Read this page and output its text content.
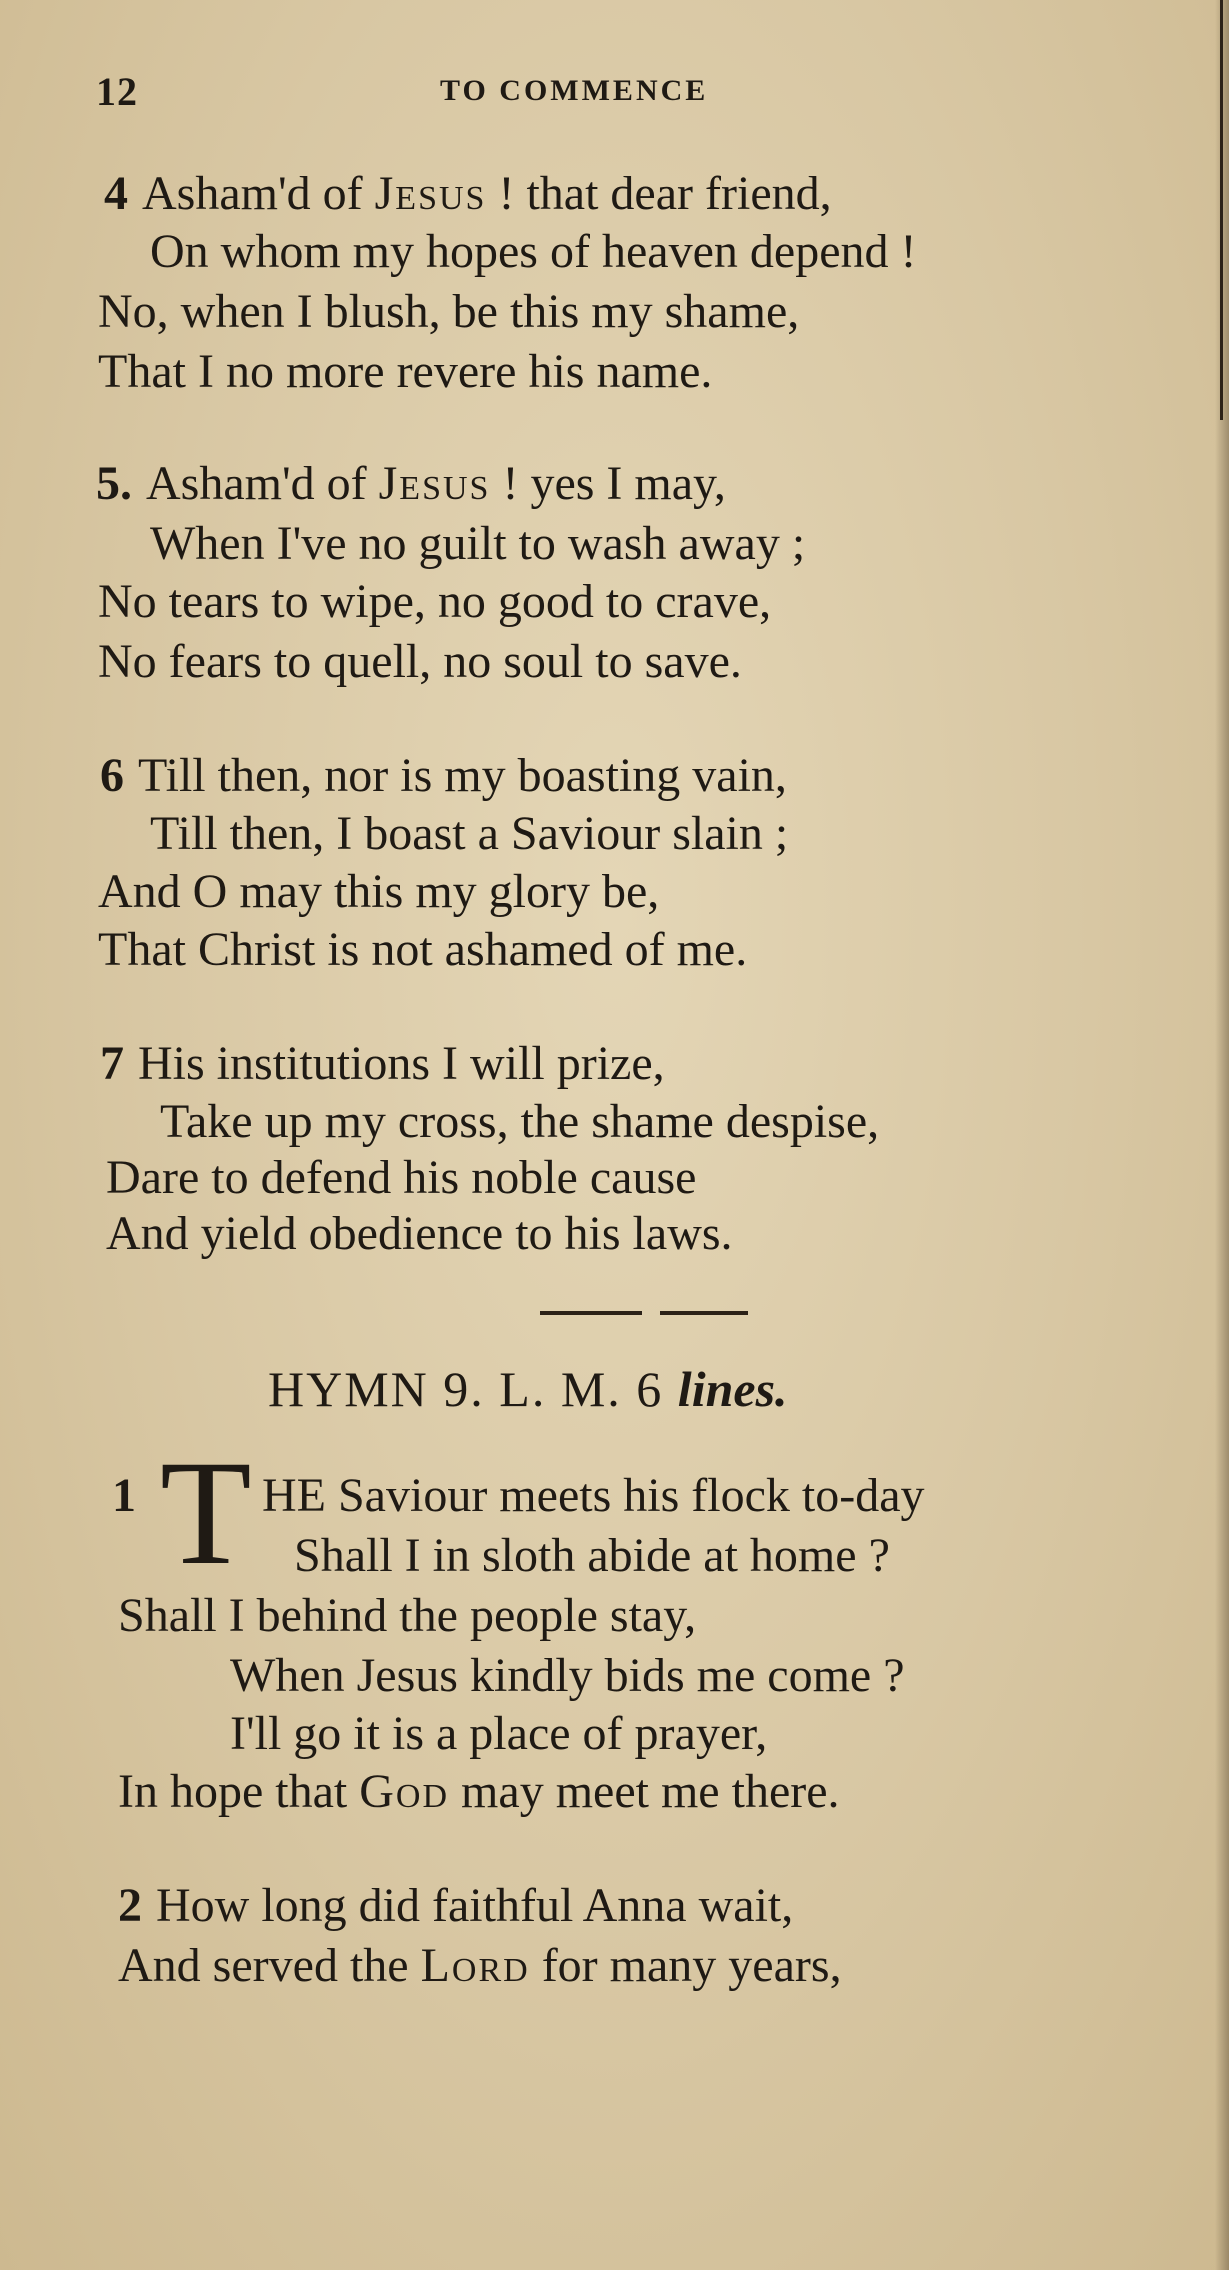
12	TO COMMENCE
4 Asham'd of Jesus ! that dear friend,
On whom my hopes of heaven depend !
No, when I blush, be this my shame,
That I no more revere his name.
5. Asham'd of Jesus ! yes I may,
When I've no guilt to wash away ;
No tears to wipe, no good to crave,
No fears to quell, no soul to save.
6 Till then, nor is my boasting vain,
Till then, I boast a Saviour slain ;
And O may this my glory be,
That Christ is not ashamed of me.
7 His institutions I will prize,
Take up my cross, the shame despise,
Dare to defend his noble cause
And yield obedience to his laws.
HYMN 9. L. M. 6 lines.
1 T HE Saviour meets his flock to-day
Shall I in sloth abide at home ?
Shall I behind the people stay,
When Jesus kindly bids me come ?
I'll go it is a place of prayer,
In hope that God may meet me there.
2 How long did faithful Anna wait,
And served the Lord for many years,
